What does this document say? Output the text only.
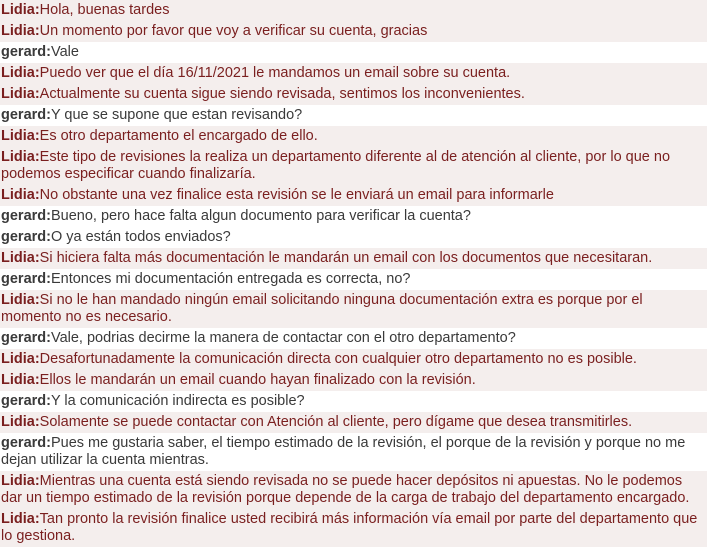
Lidia:Hola, buenas tardes
Lidia:Un momento por favor que voy a verificar su cuenta, gracias
gerard:Vale
Lidia:Puedo ver que el día 16/11/2021 le mandamos un email sobre su cuenta.
Lidia:Actualmente su cuenta sigue siendo revisada, sentimos los inconvenientes.
gerard:Y que se supone que estan revisando?
Lidia:Es otro departamento el encargado de ello.
Lidia:Este tipo de revisiones la realiza un departamento diferente al de atención al cliente, por lo que no podemos especificar cuando finalizaría.
Lidia:No obstante una vez finalice esta revisión se le enviará un email para informarle
gerard:Bueno, pero hace falta algun documento para verificar la cuenta?
gerard:O ya están todos enviados?
Lidia:Si hiciera falta más documentación le mandarán un email con los documentos que necesitaran.
gerard:Entonces mi documentación entregada es correcta, no?
Lidia:Si no le han mandado ningún email solicitando ninguna documentación extra es porque por el momento no es necesario.
gerard:Vale, podrias decirme la manera de contactar con el otro departamento?
Lidia:Desafortunadamente la comunicación directa con cualquier otro departamento no es posible.
Lidia:Ellos le mandarán un email cuando hayan finalizado con la revisión.
gerard:Y la comunicación indirecta es posible?
Lidia:Solamente se puede contactar con Atención al cliente, pero dígame que desea transmitirles.
gerard:Pues me gustaria saber, el tiempo estimado de la revisión, el porque de la revisión y porque no me dejan utilizar la cuenta mientras.
Lidia:Mientras una cuenta está siendo revisada no se puede hacer depósitos ni apuestas. No le podemos dar un tiempo estimado de la revisión porque depende de la carga de trabajo del departamento encargado.
Lidia:Tan pronto la revisión finalice usted recibirá más información vía email por parte del departamento que lo gestiona.
